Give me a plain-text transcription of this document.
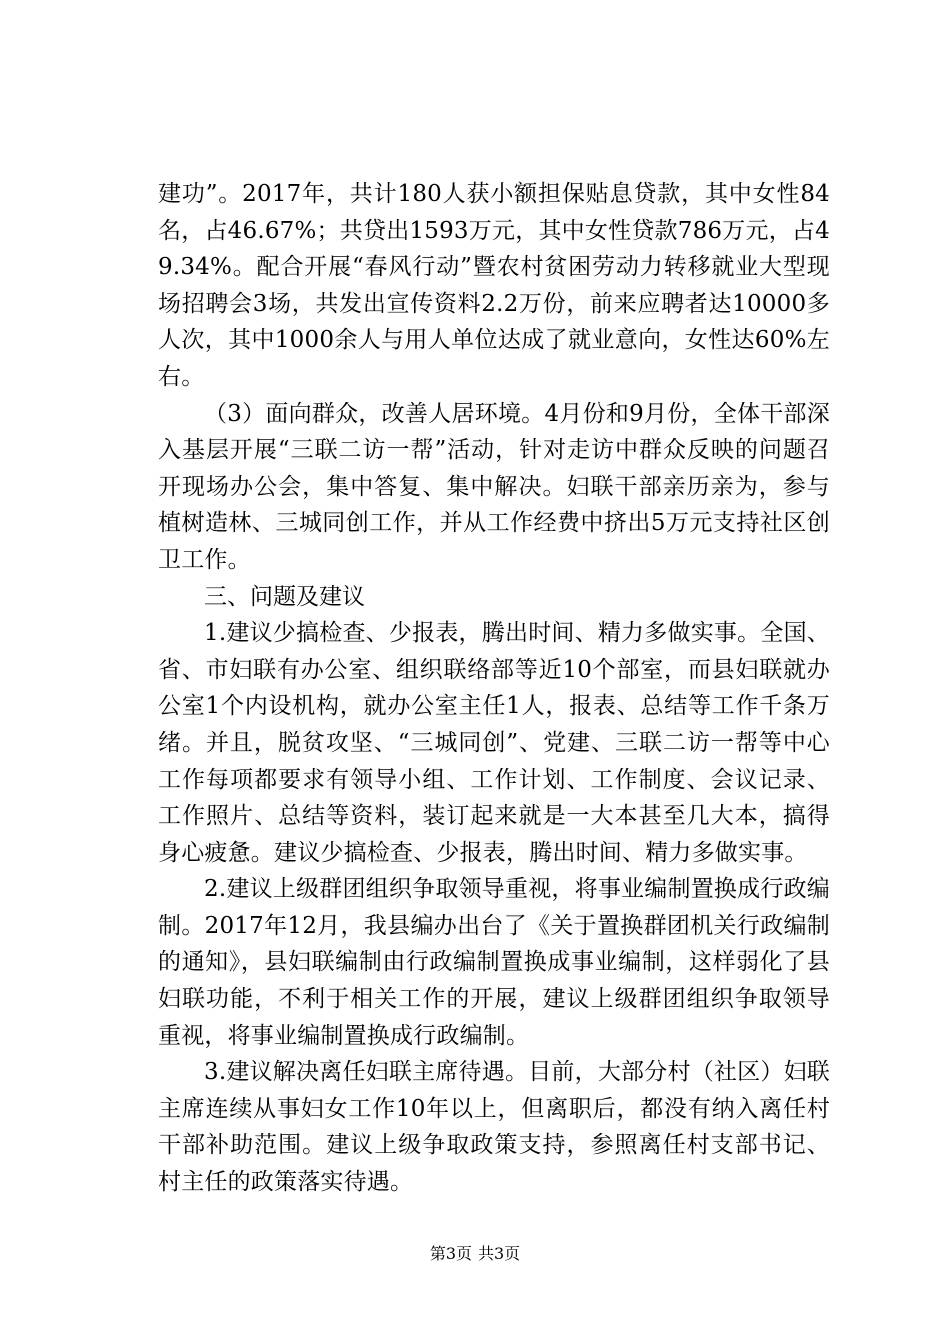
建功”。2017年，共计180人获小额担保贴息贷款，其中女性84名，占46.67%；共贷出1593万元，其中女性贷款786万元，占49.34%。配合开展“春风行动”暨农村贫困劳动力转移就业大型现场招聘会3场，共发出宣传资料2.2万份，前来应聘者达10000多人次，其中1000余人与用人单位达成了就业意向，女性达60%左右。

（3）面向群众，改善人居环境。4月份和9月份，全体干部深入基层开展“三联二访一帮”活动，针对走访中群众反映的问题召开现场办公会，集中答复、集中解决。妇联干部亲历亲为，参与植树造林、三城同创工作，并从工作经费中挤出5万元支持社区创卫工作。

三、问题及建议

1.建议少搞检查、少报表，腾出时间、精力多做实事。全国、省、市妇联有办公室、组织联络部等近10个部室，而县妇联就办公室1个内设机构，就办公室主任1人，报表、总结等工作千条万绪。并且，脱贫攻坚、“三城同创”、党建、三联二访一帮等中心工作每项都要求有领导小组、工作计划、工作制度、会议记录、工作照片、总结等资料，装订起来就是一大本甚至几大本，搞得身心疲惫。建议少搞检查、少报表，腾出时间、精力多做实事。

2.建议上级群团组织争取领导重视，将事业编制置换成行政编制。2017年12月，我县编办出台了《关于置换群团机关行政编制的通知》，县妇联编制由行政编制置换成事业编制，这样弱化了县妇联功能，不利于相关工作的开展，建议上级群团组织争取领导重视，将事业编制置换成行政编制。

3.建议解决离任妇联主席待遇。目前，大部分村（社区）妇联主席连续从事妇女工作10年以上，但离职后，都没有纳入离任村干部补助范围。建议上级争取政策支持，参照离任村支部书记、村主任的政策落实待遇。

第3页 共3页
